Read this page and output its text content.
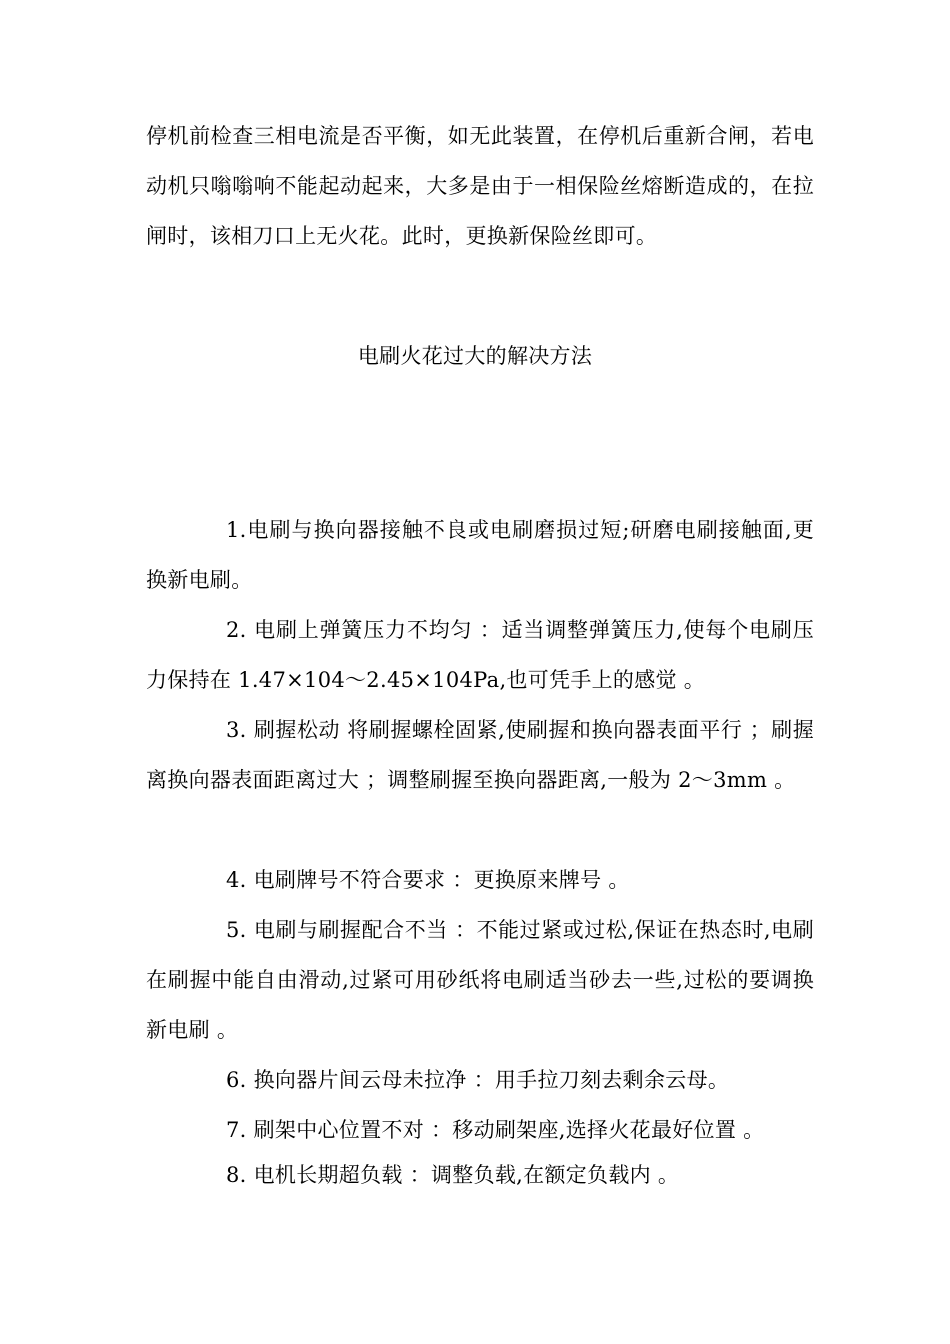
停机前检查三相电流是否平衡，如无此装置，在停机后重新合闸，若电动机只嗡嗡响不能起动起来，大多是由于一相保险丝熔断造成的，在拉闸时，该相刀口上无火花。此时，更换新保险丝即可。

电刷火花过大的解决方法

1.电刷与换向器接触不良或电刷磨损过短;研磨电刷接触面,更换新电刷。

2. 电刷上弹簧压力不均匀 ：适当调整弹簧压力,使每个电刷压力保持在 1.47×104～2.45×104Pa,也可凭手上的感觉 。

3. 刷握松动 将刷握螺栓固紧,使刷握和换向器表面平行 ；刷握离换向器表面距离过大 ；调整刷握至换向器距离,一般为 2～3mm 。

4. 电刷牌号不符合要求 ：更换原来牌号 。

5. 电刷与刷握配合不当 ：不能过紧或过松,保证在热态时,电刷在刷握中能自由滑动,过紧可用砂纸将电刷适当砂去一些,过松的要调换新电刷 。

6. 换向器片间云母未拉净 ：用手拉刀刻去剩余云母。

7. 刷架中心位置不对 ：移动刷架座,选择火花最好位置 。

8. 电机长期超负载 ：调整负载,在额定负载内 。
